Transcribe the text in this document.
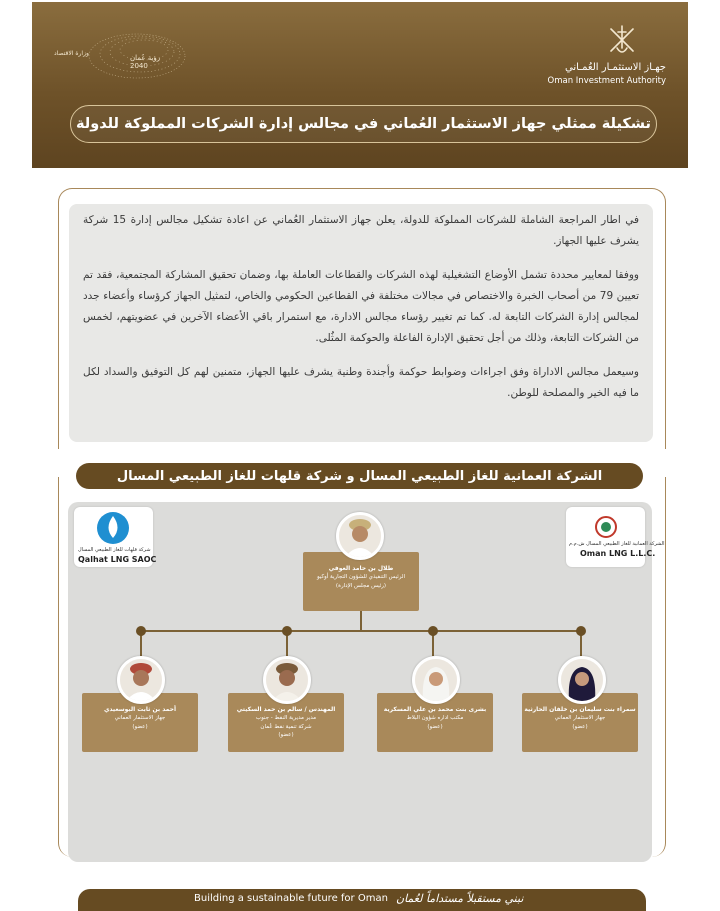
وزارة الاقتصاد
رؤية عُمان 2040	جهـاز الاستثمـار العُمـاني
Oman Investment Authority
تشكيلة ممثلي جهاز الاستثمار العُماني في مجالس إدارة الشركات المملوكة للدولة

في اطار المراجعة الشاملة للشركات المملوكة للدولة، يعلن جهاز الاستثمار العُماني عن اعادة تشكيل مجالس إدارة 15 شركة يشرف عليها الجهاز.

ووفقا لمعايير محددة تشمل الأوضاع التشغيلية لهذه الشركات والقطاعات العاملة بها، وضمان تحقيق المشاركة المجتمعية، فقد تم تعيين 79 من أصحاب الخبرة والاختصاص في مجالات مختلفة في القطاعين الحكومي والخاص، لتمثيل الجهاز كرؤساء وأعضاء جدد لمجالس إدارة الشركات التابعة له. كما تم تغيير رؤساء مجالس الادارة، مع استمرار باقي الأعضاء الآخرين في عضويتهم، لخمس من الشركات التابعة، وذلك من أجل تحقيق الإدارة الفاعلة والحوكمة المثُلى.

وسيعمل مجالس الاداراة وفق اجراءات وضوابط حوكمة وأجندة وطنية يشرف عليها الجهاز، متمنين لهم كل التوفيق والسداد لكل ما فيه الخير والمصلحة للوطن.

الشركة العمانية للغاز الطبيعي المسال و شركة قلهات للغاز الطبيعي المسال
شركة قلهات للغاز الطبيعي المسال
Qalhat LNG SAOC
الشركة العمانية للغاز الطبيعي المسال ش.م.م
Oman LNG L.L.C.
طلال بن حامد العوفي
الرئيس التنفيذي للشؤون التجارية أوكيو
(رئيس مجلس الإدارة)
أحمد بن ثابت البوسعيدي
جهاز الاستثمار العماني
(عضو)
المهندس / سالم بن حمد السكيتي
مدير مديرية النفط - جنوب
شركة تنمية نفط عُمان
(عضو)
بشرى بنت محمد بن علي المسكرية
مكتب اداره شؤون البلاط
(عضو)
سمراء بنت سليمان بن خلفان الحارثية
جهاز الاستثمار العماني
(عضو)
Building a sustainable future for Oman نبني مستقبلاً مستداماً لعُمان
